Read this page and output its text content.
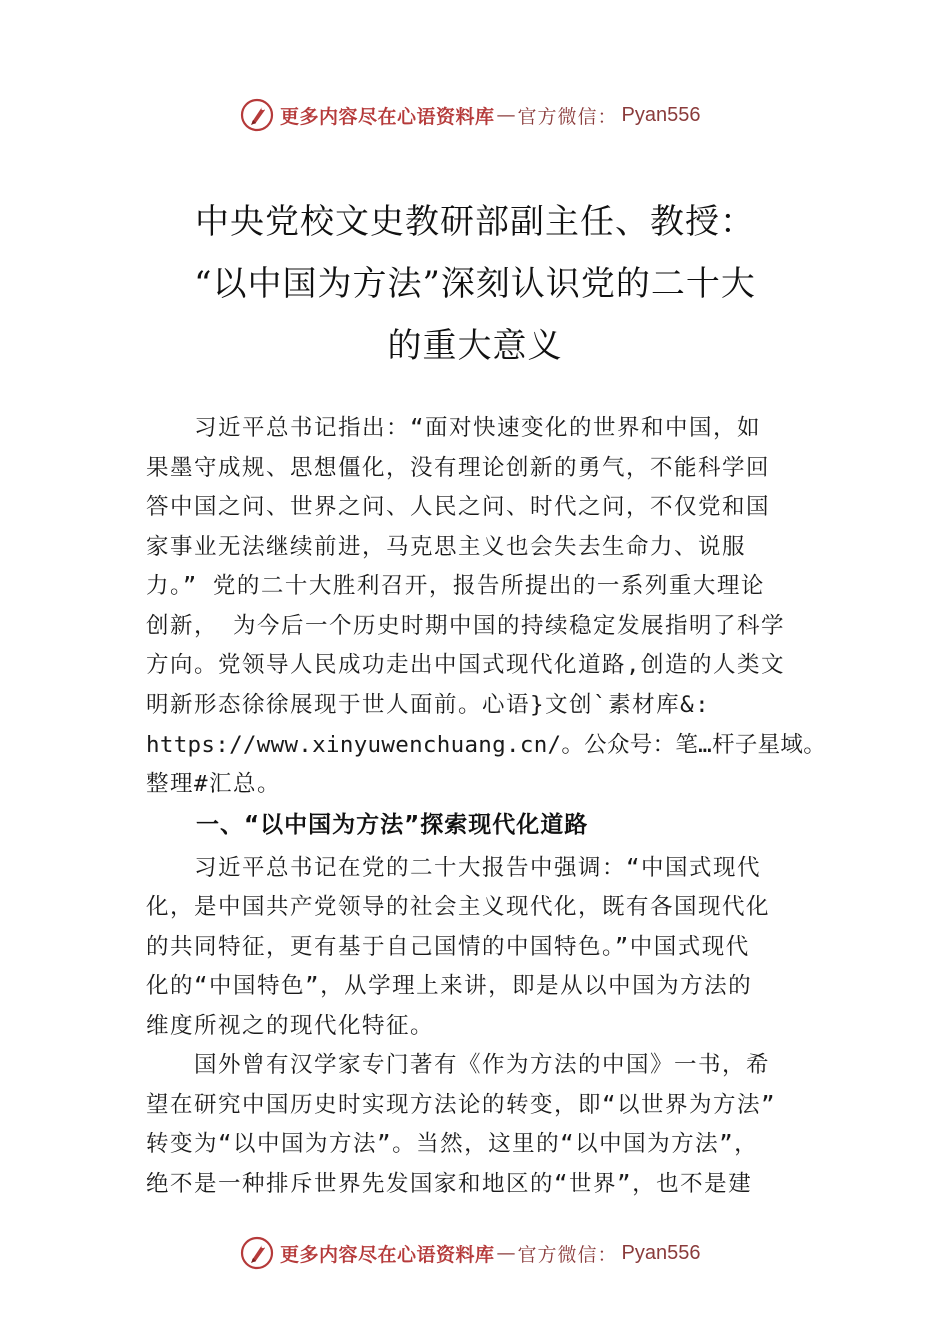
更多内容尽在心语资料库 — 官方微信： Pyan556
中央党校文史教研部副主任、教授：
“以中国为方法”深刻认识党的二十大
的重大意义
　　习近平总书记指出：“面对快速变化的世界和中国，如
果墨守成规、思想僵化，没有理论创新的勇气，不能科学回
答中国之问、世界之问、人民之问、时代之问，不仅党和国
家事业无法继续前进，马克思主义也会失去生命力、说服
力。” 党的二十大胜利召开，报告所提出的一系列重大理论
创新， 为今后一个历史时期中国的持续稳定发展指明了科学
方向。党领导人民成功走出中国式现代化道路,创造的人类文
明新形态徐徐展现于世人面前。心语}文创`素材库&:
https://www.xinyuwenchuang.cn/。公众号：笔…杆子星域。
整理#汇总。
一、“以中国为方法”探索现代化道路
　　习近平总书记在党的二十大报告中强调：“中国式现代
化，是中国共产党领导的社会主义现代化，既有各国现代化
的共同特征，更有基于自己国情的中国特色。”中国式现代
化的“中国特色”，从学理上来讲，即是从以中国为方法的
维度所视之的现代化特征。
　　国外曾有汉学家专门著有《作为方法的中国》一书，希
望在研究中国历史时实现方法论的转变，即“以世界为方法”
转变为“以中国为方法”。当然，这里的“以中国为方法”，
绝不是一种排斥世界先发国家和地区的“世界”，也不是建
更多内容尽在心语资料库 — 官方微信： Pyan556
